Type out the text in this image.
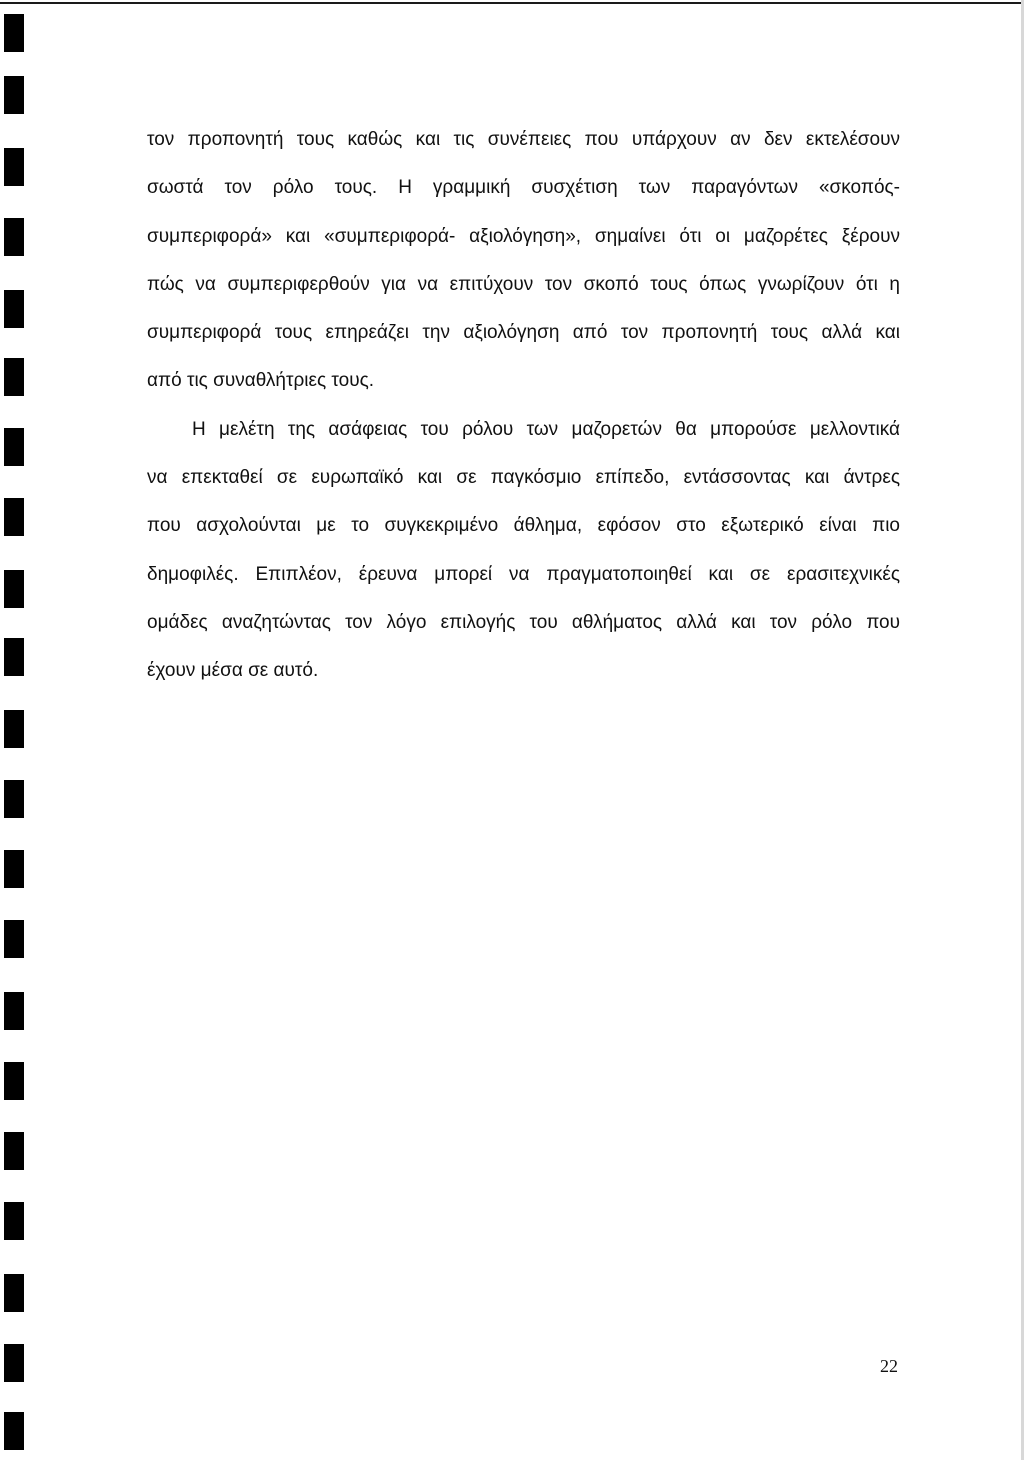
τον προπονητή τους καθώς και τις συνέπειες που υπάρχουν αν δεν εκτελέσουν
σωστά τον ρόλο τους. Η γραμμική συσχέτιση των παραγόντων «σκοπός-
συμπεριφορά» και «συμπεριφορά- αξιολόγηση», σημαίνει ότι οι μαζορέτες ξέρουν
πώς να συμπεριφερθούν για να επιτύχουν τον σκοπό τους όπως γνωρίζουν ότι η
συμπεριφορά τους επηρεάζει την αξιολόγηση από τον προπονητή τους αλλά και
από τις συναθλήτριες τους.
Η μελέτη της ασάφειας του ρόλου των μαζορετών θα μπορούσε μελλοντικά
να επεκταθεί σε ευρωπαϊκό και σε παγκόσμιο επίπεδο, εντάσσοντας και άντρες
που ασχολούνται με το συγκεκριμένο άθλημα, εφόσον στο εξωτερικό είναι πιο
δημοφιλές. Επιπλέον, έρευνα μπορεί να πραγματοποιηθεί και σε ερασιτεχνικές
ομάδες αναζητώντας τον λόγο επιλογής του αθλήματος αλλά και τον ρόλο που
έχουν μέσα σε αυτό.
22
